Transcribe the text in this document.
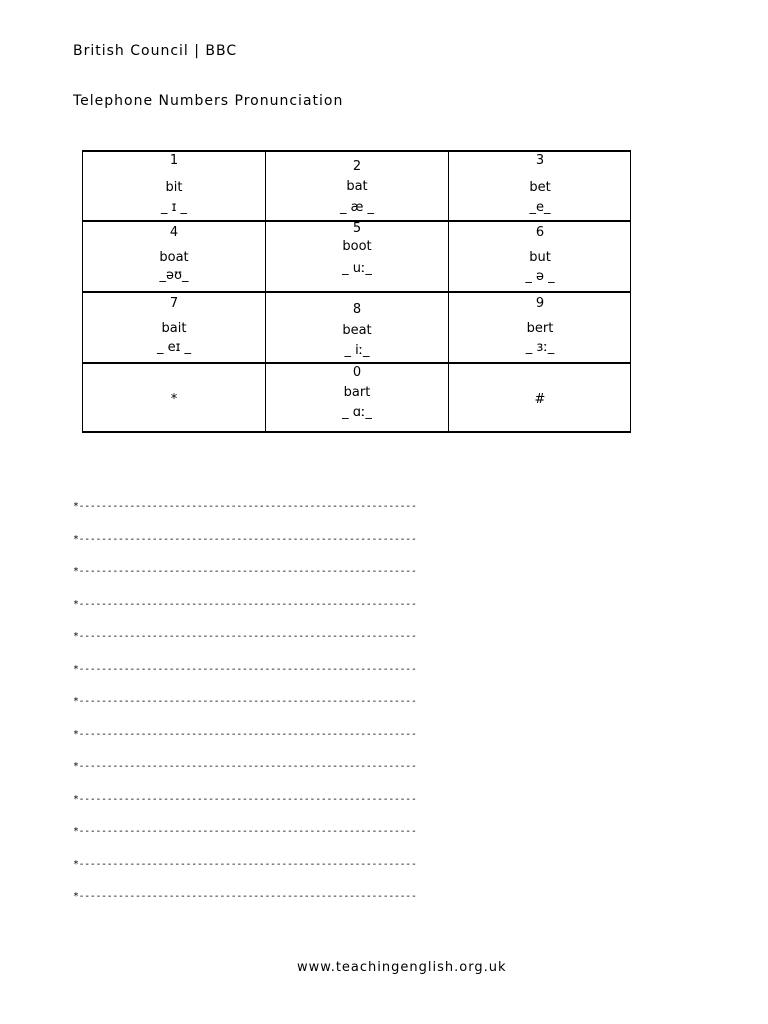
British Council | BBC
Telephone Numbers Pronunciation
1
bit
_ ɪ _
2
bat
_ æ _
3
bet
_e_
4
boat
_əʊ_
5
boot
_ uː_
6
but
_ ə _
7
bait
_ eɪ _
8
beat
_ iː_
9
bert
_ ɜː_
*
0
bart
_ ɑː_
#
*------------------------------------------------------------
*------------------------------------------------------------
*------------------------------------------------------------
*------------------------------------------------------------
*------------------------------------------------------------
*------------------------------------------------------------
*------------------------------------------------------------
*------------------------------------------------------------
*------------------------------------------------------------
*------------------------------------------------------------
*------------------------------------------------------------
*------------------------------------------------------------
*------------------------------------------------------------
www.teachingenglish.org.uk
